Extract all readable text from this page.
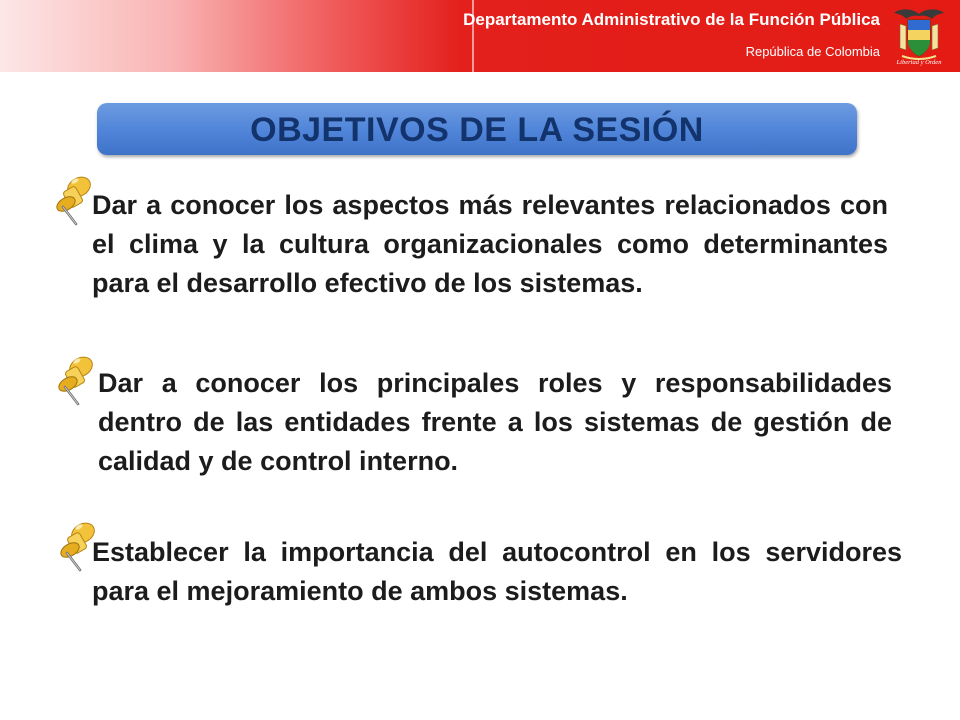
Departamento Administrativo de la Función Pública
República de Colombia
Libertad y Orden
OBJETIVOS DE LA SESIÓN
Dar a conocer los aspectos más relevantes relacionados con el clima y la cultura organizacionales como determinantes para el desarrollo efectivo de los sistemas.
Dar a conocer los principales roles y responsabilidades dentro de las entidades frente a los sistemas de gestión de calidad y de control interno.
Establecer la importancia del autocontrol en los servidores para el mejoramiento de ambos sistemas.
